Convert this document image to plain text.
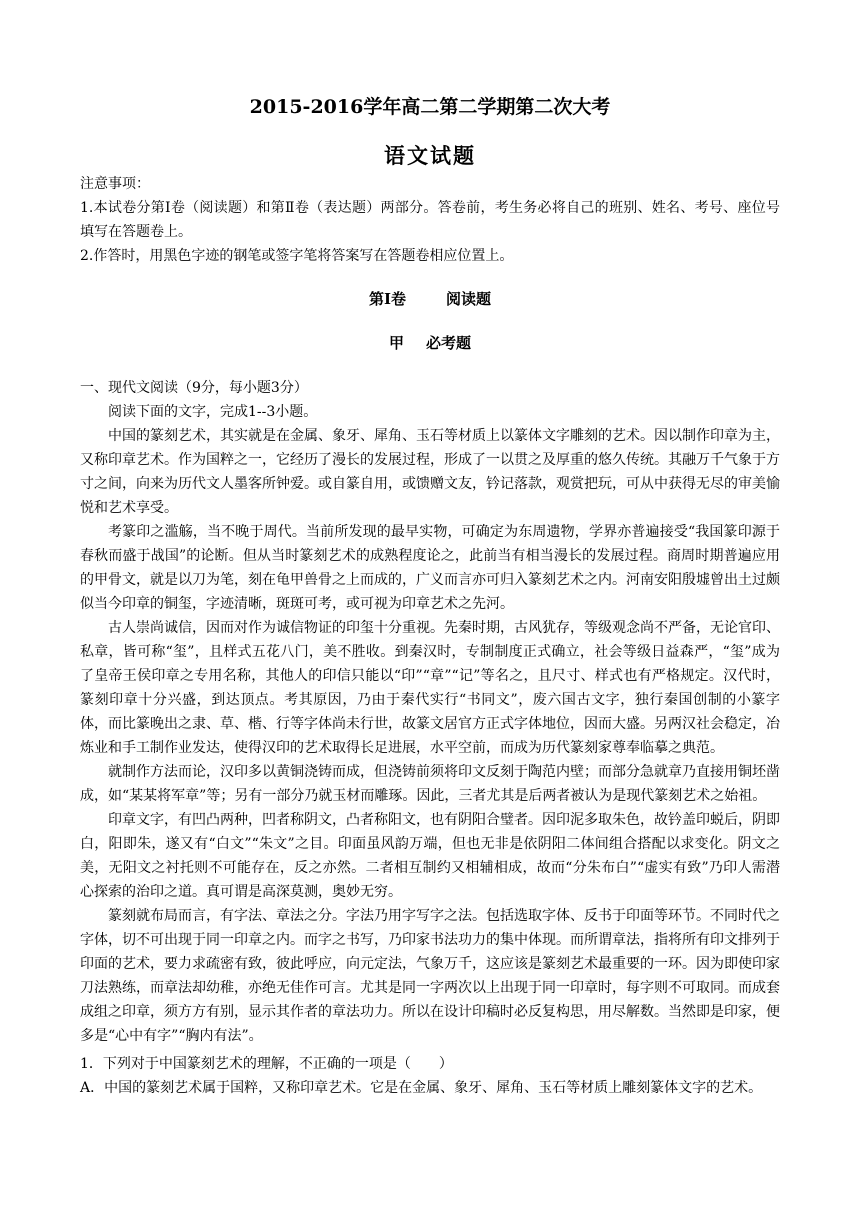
2015-2016学年高二第二学期第二次大考
语文试题
注意事项：

1.本试卷分第Ⅰ卷（阅读题）和第Ⅱ卷（表达题）两部分。答卷前，考生务必将自己的班别、姓名、考号、座位号填写在答题卷上。

2.作答时，用黑色字迹的钢笔或签字笔将答案写在答题卷相应位置上。

第Ⅰ卷	阅读题
甲 必考题

一、现代文阅读（9分，每小题3分）

阅读下面的文字，完成1--3小题。

中国的篆刻艺术，其实就是在金属、象牙、犀角、玉石等材质上以篆体文字雕刻的艺术。因以制作印章为主，又称印章艺术。作为国粹之一，它经历了漫长的发展过程，形成了一以贯之及厚重的悠久传统。其融万千气象于方寸之间，向来为历代文人墨客所钟爱。或自篆自用，或馈赠文友，钤记落款，观赏把玩，可从中获得无尽的审美愉悦和艺术享受。

考篆印之滥觞，当不晚于周代。当前所发现的最早实物，可确定为东周遗物，学界亦普遍接受“我国篆印源于春秋而盛于战国”的论断。但从当时篆刻艺术的成熟程度论之，此前当有相当漫长的发展过程。商周时期普遍应用的甲骨文，就是以刀为笔，刻在龟甲兽骨之上而成的，广义而言亦可归入篆刻艺术之内。河南安阳殷墟曾出土过颇似当今印章的铜玺，字迹清晰，斑斑可考，或可视为印章艺术之先河。

古人崇尚诚信，因而对作为诚信物证的印玺十分重视。先秦时期，古风犹存，等级观念尚不严备，无论官印、私章，皆可称“玺”，且样式五花八门，美不胜收。到秦汉时，专制制度正式确立，社会等级日益森严，“玺”成为了皇帝王侯印章之专用名称，其他人的印信只能以“印”“章”“记”等名之，且尺寸、样式也有严格规定。汉代时，篆刻印章十分兴盛，到达顶点。考其原因，乃由于秦代实行“书同文”，废六国古文字，独行秦国创制的小篆字体，而比篆晚出之隶、草、楷、行等字体尚未行世，故篆文居官方正式字体地位，因而大盛。另两汉社会稳定，冶炼业和手工制作业发达，使得汉印的艺术取得长足进展，水平空前，而成为历代篆刻家尊奉临摹之典范。

就制作方法而论，汉印多以黄铜浇铸而成，但浇铸前须将印文反刻于陶范内壁；而部分急就章乃直接用铜坯凿成，如“某某将军章”等；另有一部分乃就玉材而雕琢。因此，三者尤其是后两者被认为是现代篆刻艺术之始祖。

印章文字，有凹凸两种，凹者称阴文，凸者称阳文，也有阴阳合璧者。因印泥多取朱色，故钤盖印蜕后，阴即白，阳即朱，遂又有“白文”“朱文”之目。印面虽风韵万端，但也无非是依阴阳二体间组合搭配以求变化。阴文之美，无阳文之衬托则不可能存在，反之亦然。二者相互制约又相辅相成，故而“分朱布白”“虚实有致”乃印人需潜心探索的治印之道。真可谓是高深莫测，奥妙无穷。

篆刻就布局而言，有字法、章法之分。字法乃用字写字之法。包括选取字体、反书于印面等环节。不同时代之字体，切不可出现于同一印章之内。而字之书写，乃印家书法功力的集中体现。而所谓章法，指将所有印文排列于印面的艺术，要力求疏密有致，彼此呼应，向元定法，气象万千，这应该是篆刻艺术最重要的一环。因为即使印家刀法熟练，而章法却幼稚，亦绝无佳作可言。尤其是同一字两次以上出现于同一印章时，每字则不可取同。而成套成组之印章，须方方有别，显示其作者的章法功力。所以在设计印稿时必反复构思，用尽解数。当然即是印家，便多是“心中有字”“胸内有法”。

1．下列对于中国篆刻艺术的理解，不正确的一项是（　　）

A．中国的篆刻艺术属于国粹，又称印章艺术。它是在金属、象牙、犀角、玉石等材质上雕刻篆体文字的艺术。
